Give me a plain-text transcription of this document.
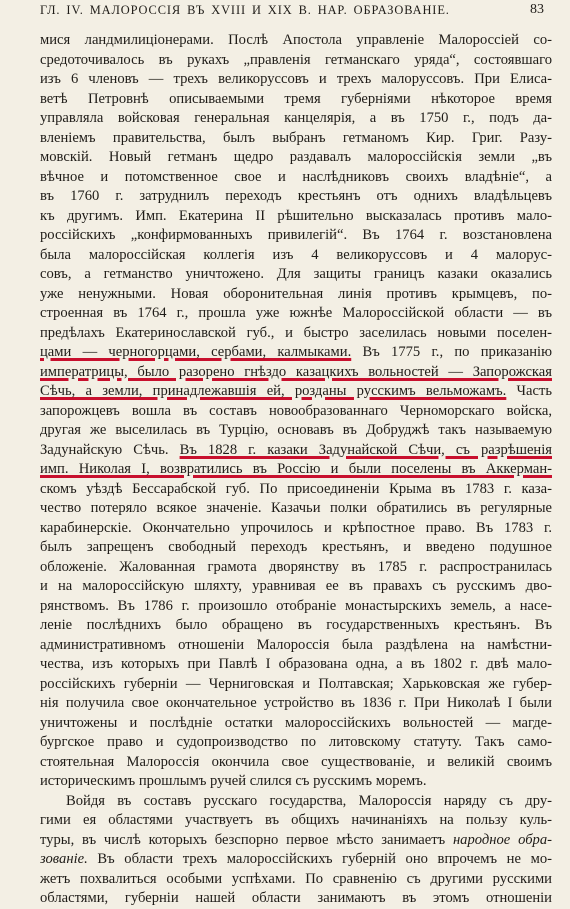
ГЛ. IV. МАЛОРОССІЯ ВЪ XVIII И XIX В. НАР. ОБРАЗОВАНІЕ.	83
мися ландмилиціонерами. Послѣ Апостола управленіе Малороссіей со-
средоточивалось въ рукахъ „правленія гетманскаго уряда“, состоявшаго
изъ 6 членовъ — трехъ великоруссовъ и трехъ малоруссовъ. При Елиса-
ветѣ Петровнѣ описываемыми тремя губерніями нѣкоторое время
управляла войсковая генеральная канцелярія, а въ 1750 г., подъ да-
вленіемъ правительства, былъ выбранъ гетманомъ Кир. Григ. Разу-
мовскій. Новый гетманъ щедро раздавалъ малороссійскія земли „въ
вѣчное и потомственное свое и наслѣдниковъ своихъ владѣніе“, а
въ 1760 г. затруднилъ переходъ крестьянъ отъ однихъ владѣльцевъ
къ другимъ. Имп. Екатерина II рѣшительно высказалась противъ мало-
россійскихъ „конфирмованныхъ привилегій“. Въ 1764 г. возстановлена
была малороссійская коллегія изъ 4 великоруссовъ и 4 малорус-
совъ, а гетманство уничтожено. Для защиты границъ казаки оказались
уже ненужными. Новая оборонительная линія противъ крымцевъ, по-
строенная въ 1764 г., прошла уже южнѣе Малороссійской области — въ
предѣлахъ Екатеринославской губ., и быстро заселилась новыми поселен-
цами — черногорцами, сербами, калмыками. Въ 1775 г., по приказанію
императрицы, было разорено гнѣздо казацкихъ вольностей — Запорожская
Сѣчь, а земли, принадлежавшія ей, розданы русскимъ вельможамъ. Часть
запорожцевъ вошла въ составъ новообразованнаго Черноморскаго войска,
другая же выселилась въ Турцію, основавъ въ Добруджѣ такъ называемую
Задунайскую Сѣчь. Въ 1828 г. казаки Задунайской Сѣчи, съ разрѣшенія
имп. Николая I, возвратились въ Россію и были поселены въ Аккерман-
скомъ уѣздѣ Бессарабской губ. По присоединеніи Крыма въ 1783 г. каза-
чество потеряло всякое значеніе. Казачьи полки обратились въ регулярные
карабинерскіе. Окончательно упрочилось и крѣпостное право. Въ 1783 г.
былъ запрещенъ свободный переходъ крестьянъ, и введено подушное
обложеніе. Жалованная грамота дворянству въ 1785 г. распространилась
и на малороссійскую шляхту, уравнивая ее въ правахъ съ русскимъ дво-
рянствомъ. Въ 1786 г. произошло отобраніе монастырскихъ земель, а насе-
леніе послѣднихъ было обращено въ государственныхъ крестьянъ. Въ
административномъ отношеніи Малороссія была раздѣлена на намѣстни-
чества, изъ которыхъ при Павлѣ I образована одна, а въ 1802 г. двѣ мало-
россійскихъ губерніи — Черниговская и Полтавская; Харьковская же губер-
нія получила свое окончательное устройство въ 1836 г. При Николаѣ I были
уничтожены и послѣдніе остатки малороссійскихъ вольностей — магде-
бургское право и судопроизводство по литовскому статуту. Такъ само-
стоятельная Малороссія окончила свое существованіе, и великій своимъ
историческимъ прошлымъ ручей слился съ русскимъ моремъ.
Войдя въ составъ русскаго государства, Малороссія наряду съ дру-
гими ея областями участвуетъ въ общихъ начинаніяхъ на пользу куль-
туры, въ числѣ которыхъ безспорно первое мѣсто занимаетъ народное обра-
зованіе. Въ области трехъ малороссійскихъ губерній оно впрочемъ не мо-
жетъ похвалиться особыми успѣхами. По сравненію съ другими русскими
областями, губерніи нашей области занимаютъ въ этомъ отношеніи
